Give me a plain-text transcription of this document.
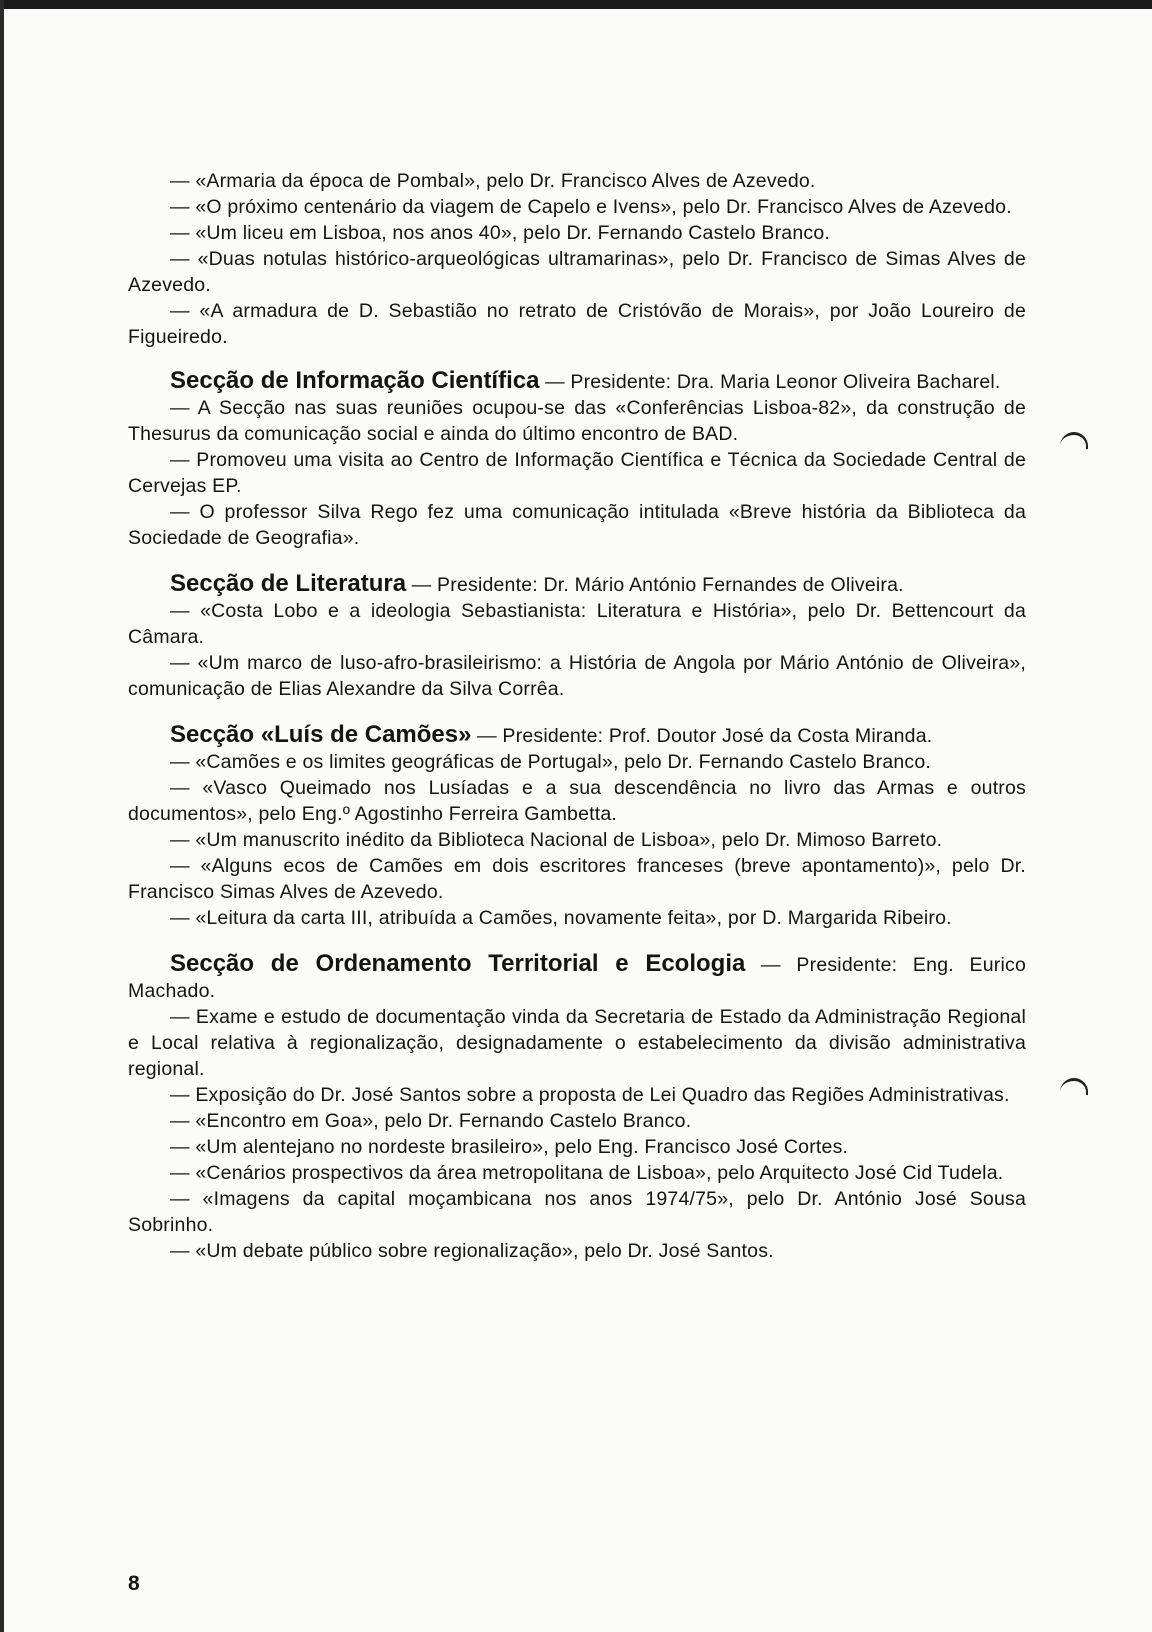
— «Armaria da época de Pombal», pelo Dr. Francisco Alves de Azevedo.

— «O próximo centenário da viagem de Capelo e Ivens», pelo Dr. Francisco Alves de Azevedo.

— «Um liceu em Lisboa, nos anos 40», pelo Dr. Fernando Castelo Branco.

— «Duas notulas histórico-arqueológicas ultramarinas», pelo Dr. Francisco de Simas Alves de Azevedo.

— «A armadura de D. Sebastião no retrato de Cristóvão de Morais», por João Loureiro de Figueiredo.

Secção de Informação Científica — Presidente: Dra. Maria Leonor Oliveira Bacharel.

— A Secção nas suas reuniões ocupou-se das «Conferências Lisboa-82», da construção de Thesurus da comunicação social e ainda do último encontro de BAD.

— Promoveu uma visita ao Centro de Informação Científica e Técnica da Sociedade Central de Cervejas EP.

— O professor Silva Rego fez uma comunicação intitulada «Breve história da Biblioteca da Sociedade de Geografia».

Secção de Literatura — Presidente: Dr. Mário António Fernandes de Oliveira.

— «Costa Lobo e a ideologia Sebastianista: Literatura e História», pelo Dr. Bettencourt da Câmara.

— «Um marco de luso-afro-brasileirismo: a História de Angola por Mário António de Oliveira», comunicação de Elias Alexandre da Silva Corrêa.

Secção «Luís de Camões» — Presidente: Prof. Doutor José da Costa Miranda.

— «Camões e os limites geográficas de Portugal», pelo Dr. Fernando Castelo Branco.

— «Vasco Queimado nos Lusíadas e a sua descendência no livro das Armas e outros documentos», pelo Eng.º Agostinho Ferreira Gambetta.

— «Um manuscrito inédito da Biblioteca Nacional de Lisboa», pelo Dr. Mimoso Barreto.

— «Alguns ecos de Camões em dois escritores franceses (breve apontamento)», pelo Dr. Francisco Simas Alves de Azevedo.

— «Leitura da carta III, atribuída a Camões, novamente feita», por D. Margarida Ribeiro.

Secção de Ordenamento Territorial e Ecologia — Presidente: Eng. Eurico Machado.

— Exame e estudo de documentação vinda da Secretaria de Estado da Administração Regional e Local relativa à regionalização, designadamente o estabelecimento da divisão administrativa regional.

— Exposição do Dr. José Santos sobre a proposta de Lei Quadro das Regiões Administrativas.

— «Encontro em Goa», pelo Dr. Fernando Castelo Branco.

— «Um alentejano no nordeste brasileiro», pelo Eng. Francisco José Cortes.

— «Cenários prospectivos da área metropolitana de Lisboa», pelo Arquitecto José Cid Tudela.

— «Imagens da capital moçambicana nos anos 1974/75», pelo Dr. António José Sousa Sobrinho.

— «Um debate público sobre regionalização», pelo Dr. José Santos.

8
